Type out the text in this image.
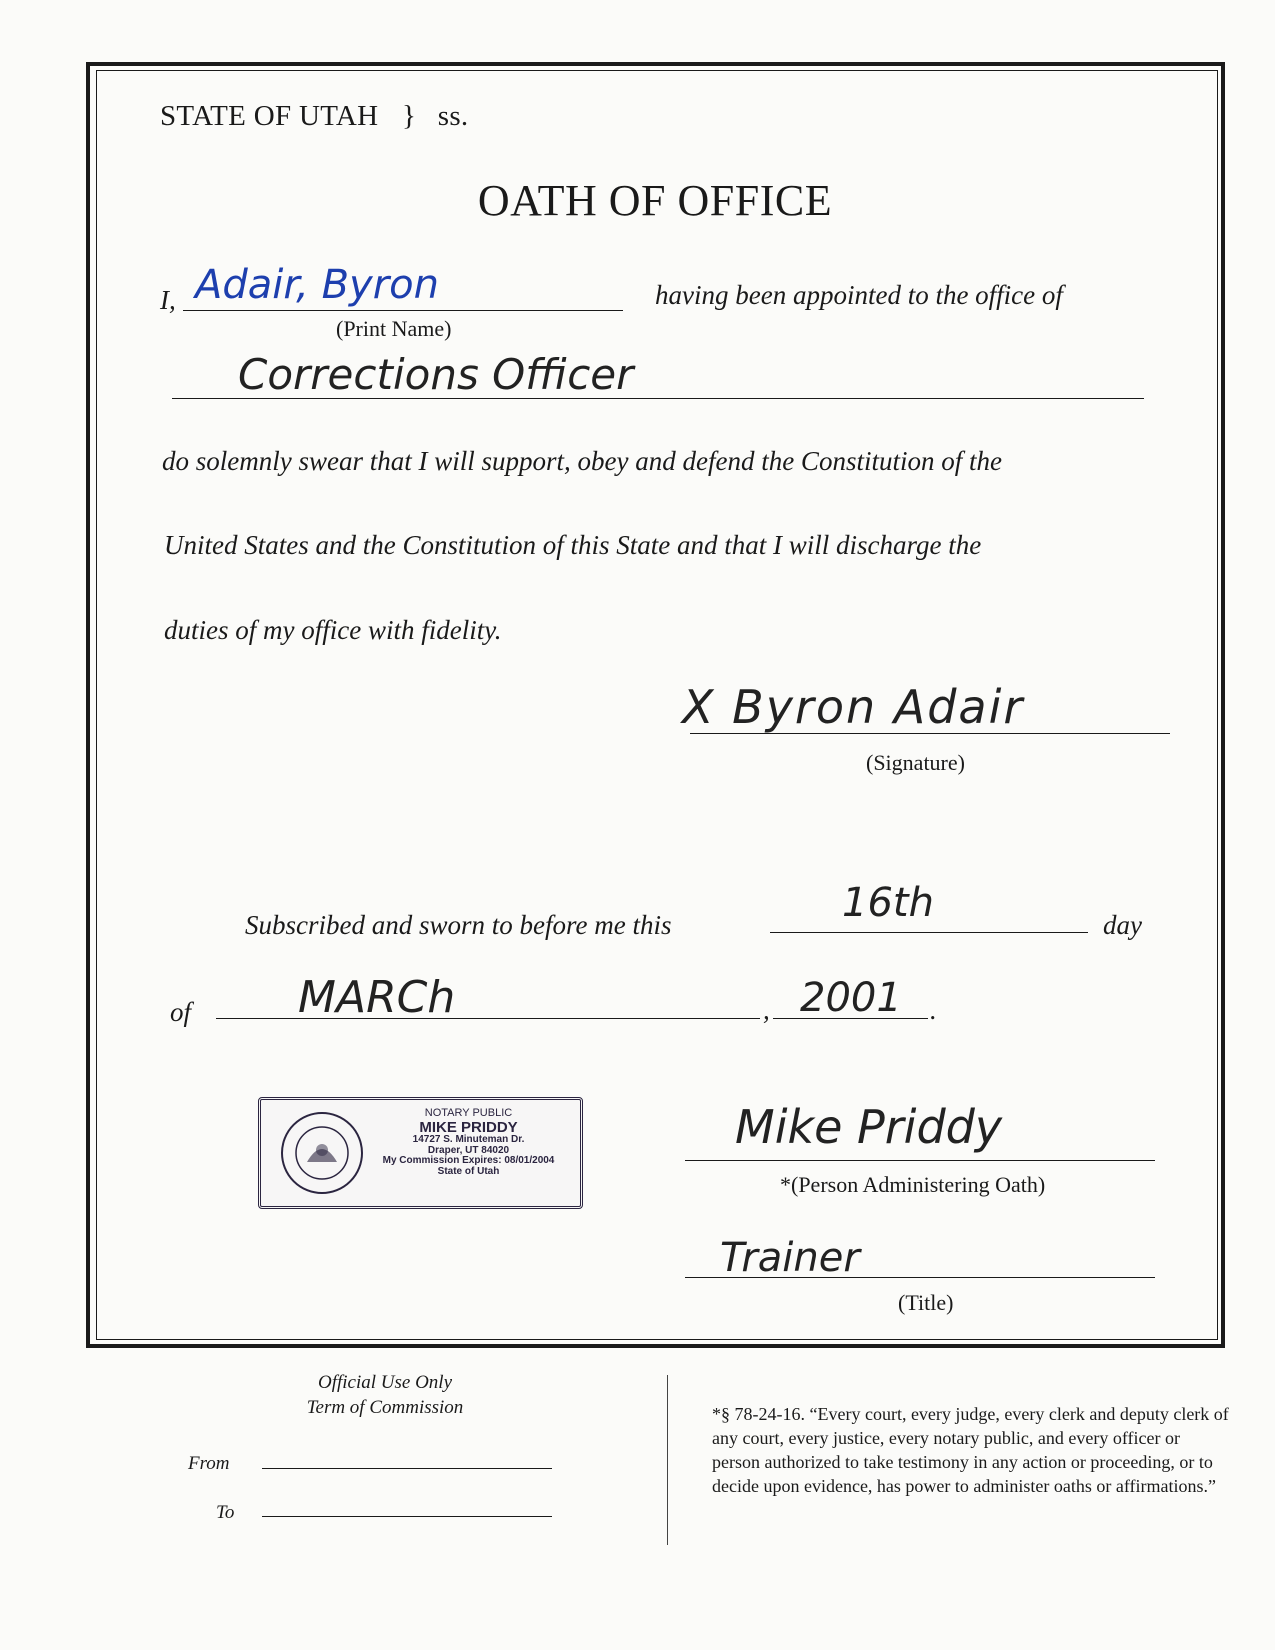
STATE OF UTAH } ss.
OATH OF OFFICE
I, Adair, Byron
(Print Name)
having been appointed to the office of
Corrections Officer
do solemnly swear that I will support, obey and defend the Constitution of the
United States and the Constitution of this State and that I will discharge the
duties of my office with fidelity.
X Byron Adair
(Signature)
Subscribed and sworn to before me this	16th	day
of MARCh	, 2001 .
NOTARY PUBLIC
MIKE PRIDDY
14727 S. Minuteman Dr.
Draper, UT 84020
My Commission Expires: 08/01/2004
State of Utah
Mike Priddy
*(Person Administering Oath)
Trainer
(Title)
Official Use Only
Term of Commission
From
To
*§ 78-24-16. “Every court, every judge, every clerk and deputy clerk of any court, every justice, every notary public, and every officer or person authorized to take testimony in any action or proceeding, or to decide upon evidence, has power to administer oaths or affirmations.”
